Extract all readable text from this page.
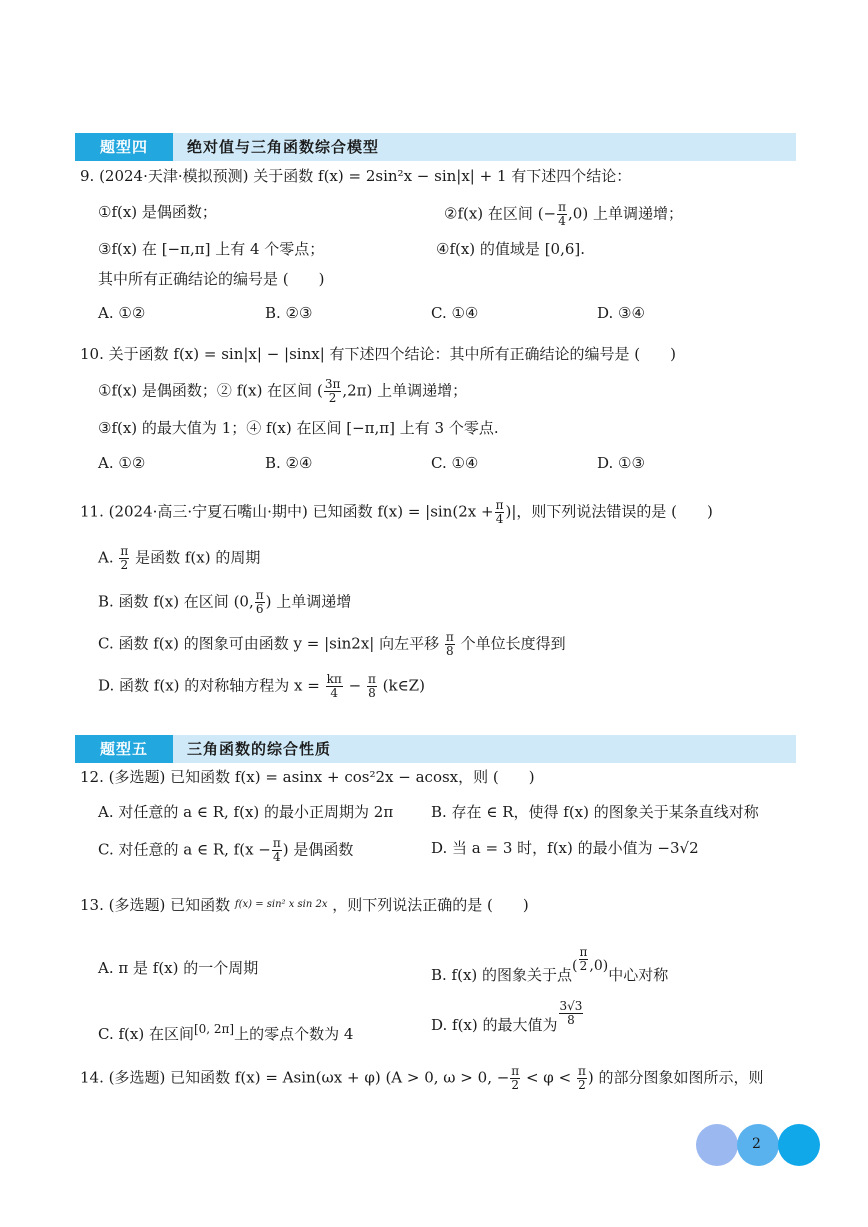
题型四	绝对值与三角函数综合模型
9. (2024·天津·模拟预测) 关于函数 f(x) = 2sin²x − sin|x| + 1 有下述四个结论：
①f(x) 是偶函数；	②f(x) 在区间 (− $\frac{\pi}{4} ,0$) 上单调递增；
③f(x) 在 [−π,π] 上有 4 个零点；	④f(x) 的值域是 [0,6].
其中所有正确结论的编号是 (　　)
A. ①②	B. ②③	C. ①④	D. ③④
10. 关于函数 f(x) = sin|x| − |sinx| 有下述四个结论：其中所有正确结论的编号是 (　　)
①f(x) 是偶函数；② f(x) 在区间 ( $\frac{3\pi}{2} ,2\pi$) 上单调递增；
③f(x) 的最大值为 1；④ f(x) 在区间 [−π,π] 上有 3 个零点.
A. ①②	B. ②④	C. ①④	D. ①③
11. (2024·高三·宁夏石嘴山·期中) 已知函数 $f(x) = |\sin(2x + \frac{\pi}{4}$ )|，则下列说法错误的是 (　　)
A. $\frac{\pi}{2}$ 是函数 f(x) 的周期
B. 函数 f(x) 在区间 (0, $\frac{\pi}{6}$ ) 上单调递增
C. 函数 f(x) 的图象可由函数 y = |sin2x| 向左平移 $\frac{\pi}{8}$ 个单位长度得到
D. 函数 f(x) 的对称轴方程为 $x = \frac{k\pi}{4} - \frac{\pi}{8}$ (k∈Z)
题型五	三角函数的综合性质
12. (多选题) 已知函数 f(x) = asinx + cos²2x − acosx，则 (　　)
A. 对任意的 a ∈ R, f(x) 的最小正周期为 2π	B. 存在 ∈ R，使得 f(x) 的图象关于某条直线对称
C. 对任意的 a ∈ R, $f(x - \frac{\pi}{4}$ ) 是偶函数	D. 当 a = 3 时，f(x) 的最小值为 −3√2
13. (多选题) 已知函数 $^{f(x) = sin^2 x sin 2x}$ ，则下列说法正确的是 (　　)
A. π 是 f(x) 的一个周期	B. f(x) 的图象关于点( $\frac{\pi}{2} ,0$)中心对称
C. f(x) 在区间[0, 2π]上的零点个数为 4	D. f(x) 的最大值为 $\frac{3√3}{8}$
14. (多选题) 已知函数 f(x) = Asin(ωx + φ) (A > 0, ω > 0, − $\frac{\pi}{2} < \varphi < \frac{\pi}{2}$ ) 的部分图象如图所示，则
2
